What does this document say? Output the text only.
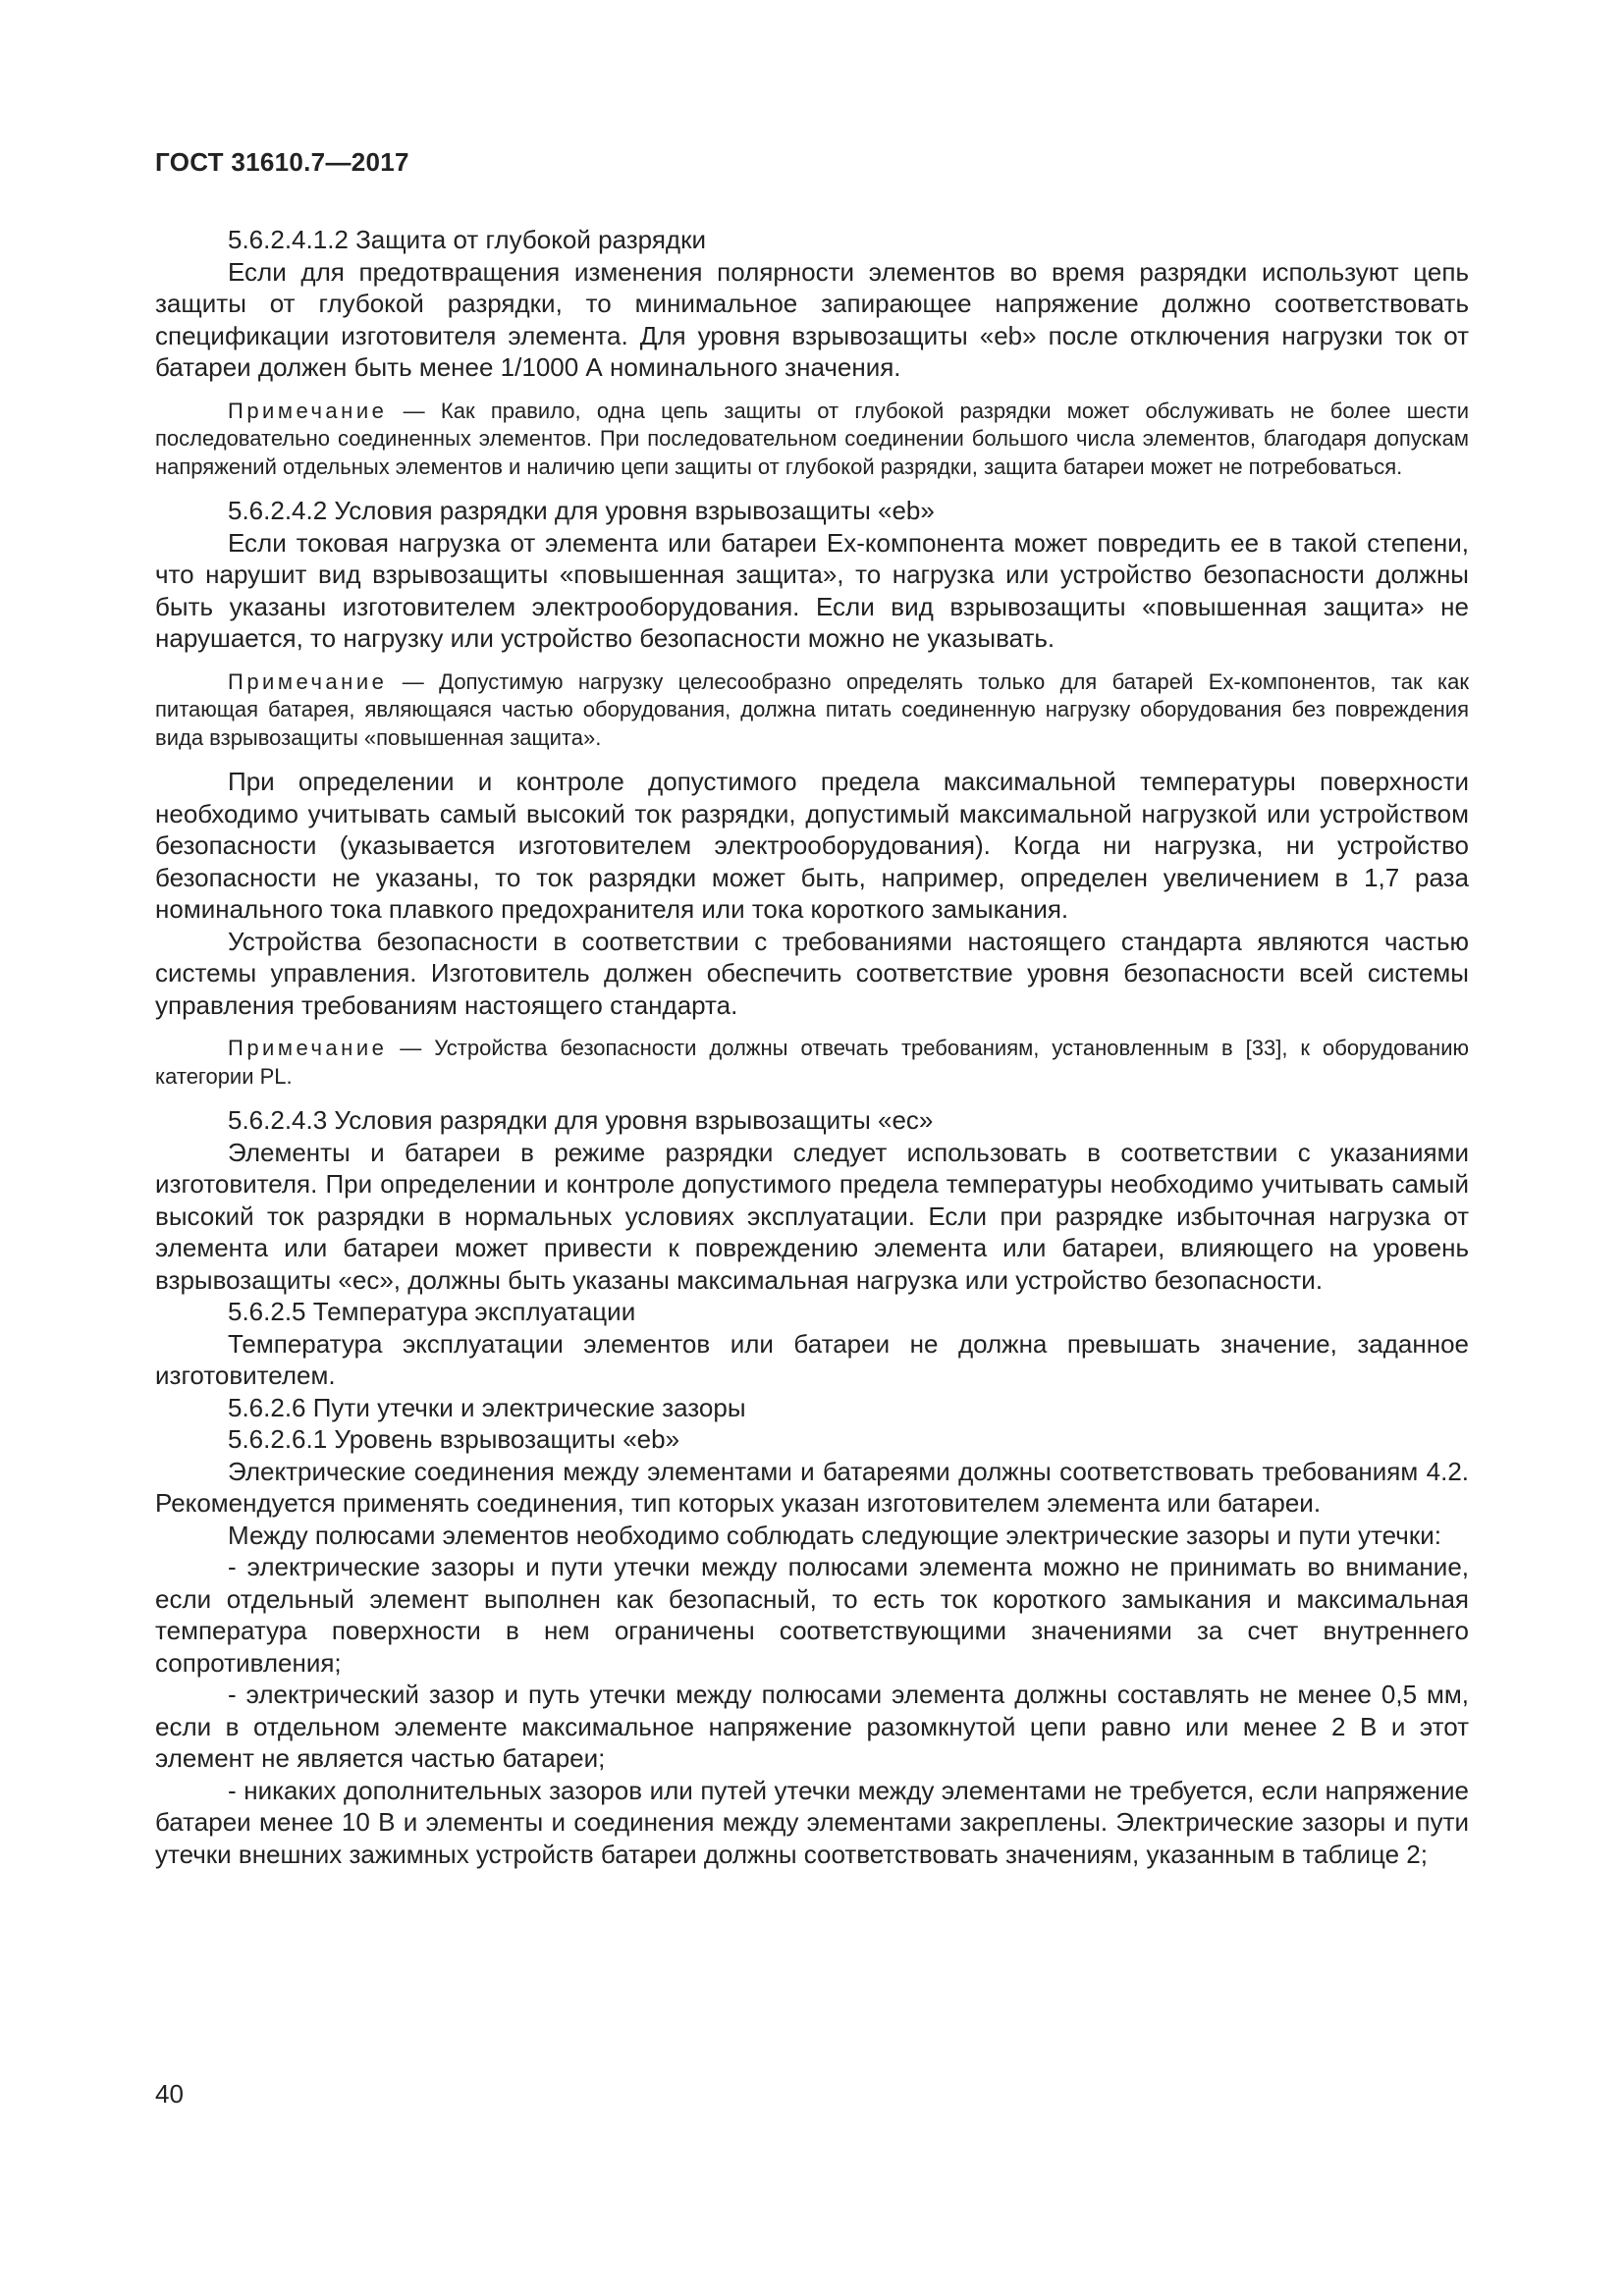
ГОСТ 31610.7—2017

5.6.2.4.1.2 Защита от глубокой разрядки

Если для предотвращения изменения полярности элементов во время разрядки используют цепь защиты от глубокой разрядки, то минимальное запирающее напряжение должно соответствовать спецификации изготовителя элемента. Для уровня взрывозащиты «eb» после отключения нагрузки ток от батареи должен быть менее 1/1000 А номинального значения.

Примечание — Как правило, одна цепь защиты от глубокой разрядки может обслуживать не более шести последовательно соединенных элементов. При последовательном соединении большого числа элементов, благодаря допускам напряжений отдельных элементов и наличию цепи защиты от глубокой разрядки, защита батареи может не потребоваться.

5.6.2.4.2 Условия разрядки для уровня взрывозащиты «eb»

Если токовая нагрузка от элемента или батареи Ex-компонента может повредить ее в такой степени, что нарушит вид взрывозащиты «повышенная защита», то нагрузка или устройство безопасности должны быть указаны изготовителем электрооборудования. Если вид взрывозащиты «повышенная защита» не нарушается, то нагрузку или устройство безопасности можно не указывать.

Примечание — Допустимую нагрузку целесообразно определять только для батарей Ex-компонентов, так как питающая батарея, являющаяся частью оборудования, должна питать соединенную нагрузку оборудования без повреждения вида взрывозащиты «повышенная защита».

При определении и контроле допустимого предела максимальной температуры поверхности необходимо учитывать самый высокий ток разрядки, допустимый максимальной нагрузкой или устройством безопасности (указывается изготовителем электрооборудования). Когда ни нагрузка, ни устройство безопасности не указаны, то ток разрядки может быть, например, определен увеличением в 1,7 раза номинального тока плавкого предохранителя или тока короткого замыкания.

Устройства безопасности в соответствии с требованиями настоящего стандарта являются частью системы управления. Изготовитель должен обеспечить соответствие уровня безопасности всей системы управления требованиям настоящего стандарта.

Примечание — Устройства безопасности должны отвечать требованиям, установленным в [33], к оборудованию категории PL.

5.6.2.4.3 Условия разрядки для уровня взрывозащиты «ec»

Элементы и батареи в режиме разрядки следует использовать в соответствии с указаниями изготовителя. При определении и контроле допустимого предела температуры необходимо учитывать самый высокий ток разрядки в нормальных условиях эксплуатации. Если при разрядке избыточная нагрузка от элемента или батареи может привести к повреждению элемента или батареи, влияющего на уровень взрывозащиты «ec», должны быть указаны максимальная нагрузка или устройство безопасности.

5.6.2.5 Температура эксплуатации

Температура эксплуатации элементов или батареи не должна превышать значение, заданное изготовителем.

5.6.2.6 Пути утечки и электрические зазоры

5.6.2.6.1 Уровень взрывозащиты «eb»

Электрические соединения между элементами и батареями должны соответствовать требованиям 4.2. Рекомендуется применять соединения, тип которых указан изготовителем элемента или батареи.

Между полюсами элементов необходимо соблюдать следующие электрические зазоры и пути утечки:

- электрические зазоры и пути утечки между полюсами элемента можно не принимать во внимание, если отдельный элемент выполнен как безопасный, то есть ток короткого замыкания и максимальная температура поверхности в нем ограничены соответствующими значениями за счет внутреннего сопротивления;

- электрический зазор и путь утечки между полюсами элемента должны составлять не менее 0,5 мм, если в отдельном элементе максимальное напряжение разомкнутой цепи равно или менее 2 В и этот элемент не является частью батареи;

- никаких дополнительных зазоров или путей утечки между элементами не требуется, если напряжение батареи менее 10 В и элементы и соединения между элементами закреплены. Электрические зазоры и пути утечки внешних зажимных устройств батареи должны соответствовать значениям, указанным в таблице 2;

40
